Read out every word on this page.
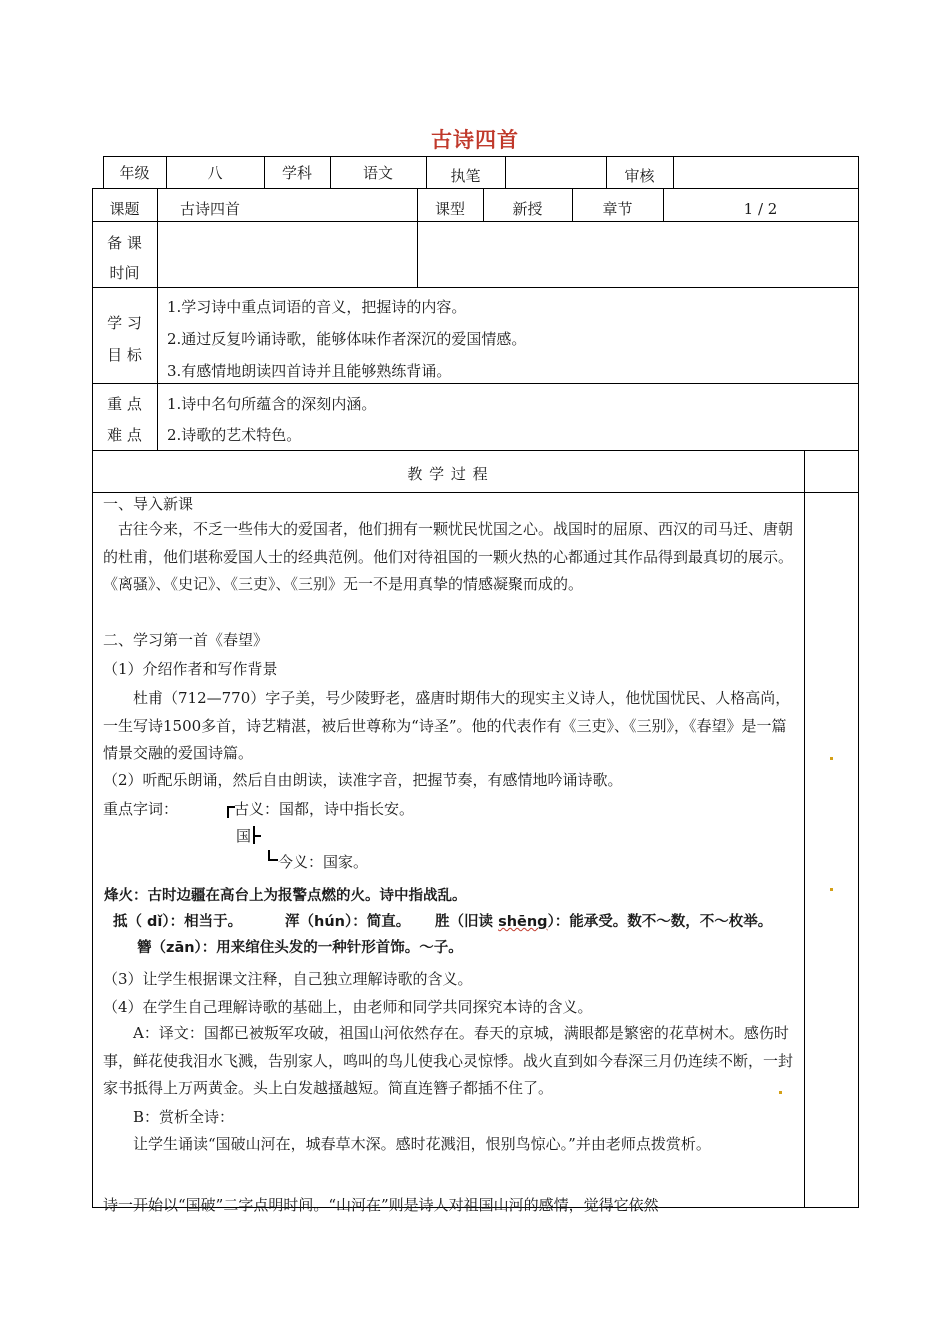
古诗四首
年级	八	学科	语文	执笔	审核
课题	古诗四首	课型	新授	章节	1 / 2
备 课
时间
学 习
目 标
1.学习诗中重点词语的音义，把握诗的内容。
2.通过反复吟诵诗歌，能够体味作者深沉的爱国情感。
3.有感情地朗读四首诗并且能够熟练背诵。
重 点
难 点
1.诗中名句所蕴含的深刻内涵。
2.诗歌的艺术特色。
教 学 过 程
一、导入新课
　古往今来，不乏一些伟大的爱国者，他们拥有一颗忧民忧国之心。战国时的屈原、西汉的司马迁、唐朝的杜甫，他们堪称爱国人士的经典范例。他们对待祖国的一颗火热的心都通过其作品得到最真切的展示。《离骚》、《史记》、《三吏》、《三别》无一不是用真挚的情感凝聚而成的。
二、学习第一首《春望》
（1）介绍作者和写作背景
　　杜甫（712—770）字子美，号少陵野老，盛唐时期伟大的现实主义诗人，他忧国忧民、人格高尚，一生写诗1500多首，诗艺精湛，被后世尊称为“诗圣”。他的代表作有《三吏》、《三别》，《春望》是一篇情景交融的爱国诗篇。
（2）听配乐朗诵，然后自由朗读，读准字音，把握节奏，有感情地吟诵诗歌。
重点字词：	古义：国都，诗中指长安。
国
今义：国家。
烽火：古时边疆在高台上为报警点燃的火。诗中指战乱。
抵（ dǐ）：相当于。	浑（hún）：简直。 胜（旧读 shēng）：能承受。数不～数，不～枚举。
簪（zān）：用来绾住头发的一种针形首饰。～子。
（3）让学生根据课文注释，自己独立理解诗歌的含义。
（4）在学生自己理解诗歌的基础上，由老师和同学共同探究本诗的含义。
　　A：译文：国都已被叛军攻破，祖国山河依然存在。春天的京城，满眼都是繁密的花草树木。感伤时事，鲜花使我泪水飞溅，告别家人，鸣叫的鸟儿使我心灵惊悸。战火直到如今春深三月仍连续不断，一封家书抵得上万两黄金。头上白发越搔越短。简直连簪子都插不住了。
　　B：赏析全诗：
　　让学生诵读“国破山河在，城春草木深。感时花溅泪，恨别鸟惊心。”并由老师点拨赏析。
诗一开始以“国破”二字点明时间。“山河在”则是诗人对祖国山河的感情，觉得它依然
